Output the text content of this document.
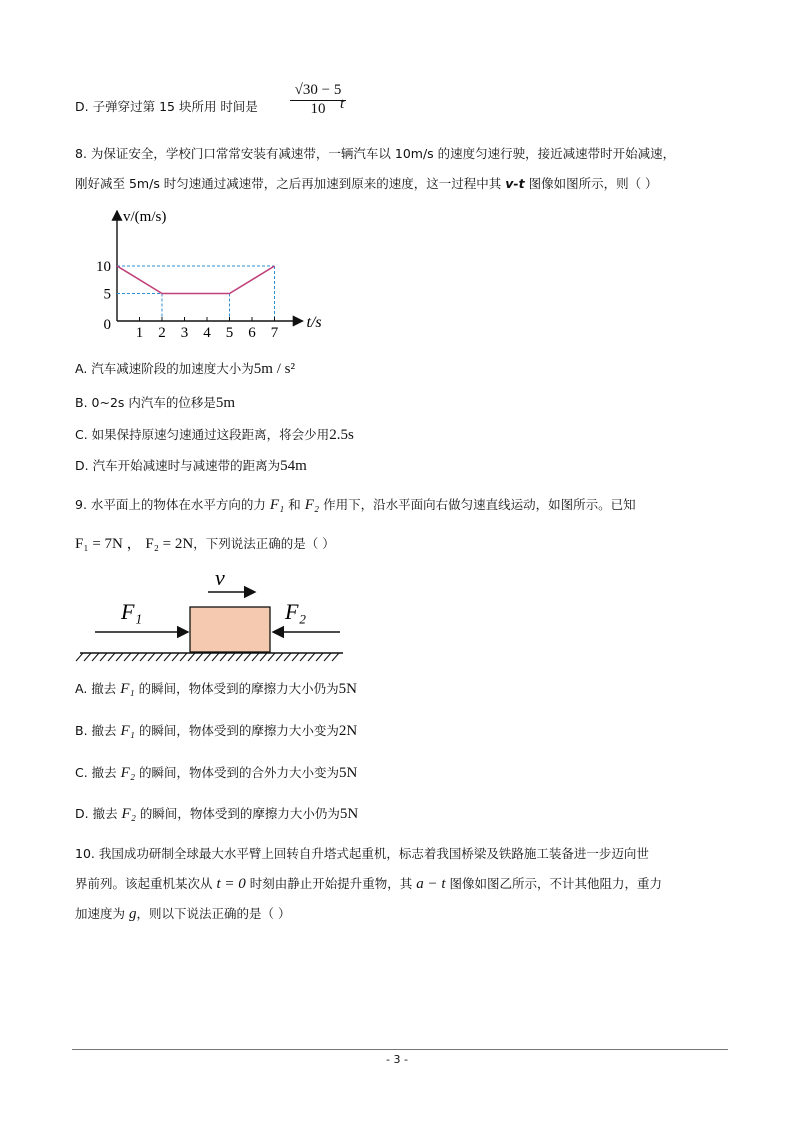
D. 子弹穿过第 15 块所用 时间是 $\frac{√30 - 5}{10}$
t
8. 为保证安全，学校门口常常安装有减速带，一辆汽车以 10m/s 的速度匀速行驶，接近减速带时开始减速，
刚好减至 5m/s 时匀速通过减速带，之后再加速到原来的速度，这一过程中其 v-t 图像如图所示，则（ ）
1 2 3 4 5 6 7
10
5
0
v/(m/s)
t/s
A. 汽车减速阶段的加速度大小为5m / s²
B. 0~2s 内汽车的位移是5m
C. 如果保持原速匀速通过这段距离，将会少用2.5s
D. 汽车开始减速时与减速带的距离为54m
9. 水平面上的物体在水平方向的力 F₁ 和 F₂ 作用下，沿水平面向右做匀速直线运动，如图所示。已知
F₁ = 7N ， F₂ = 2N，下列说法正确的是（ ）
v
F₁	F₂
A. 撤去 F₁ 的瞬间，物体受到的摩擦力大小仍为5N
B. 撤去 F₁ 的瞬间，物体受到的摩擦力大小变为2N
C. 撤去 F₂ 的瞬间，物体受到的合外力大小变为5N
D. 撤去 F₂ 的瞬间，物体受到的摩擦力大小仍为5N
10. 我国成功研制全球最大水平臂上回转自升塔式起重机，标志着我国桥梁及铁路施工装备进一步迈向世
界前列。该起重机某次从 t = 0 时刻由静止开始提升重物，其 a − t 图像如图乙所示，不计其他阻力，重力
加速度为 g，则以下说法正确的是（ ）
- 3 -
